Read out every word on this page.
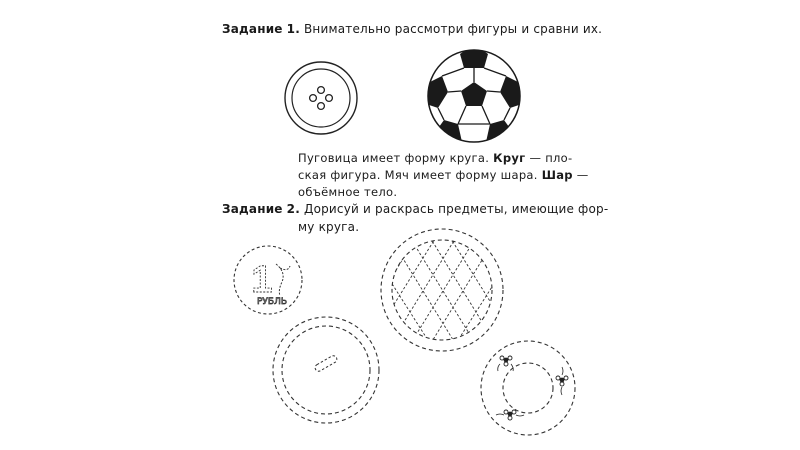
Задание 1. Внимательно рассмотри фигуры и сравни их.
Пуговица имеет форму круга. Круг — пло-
ская фигура. Мяч имеет форму шара. Шар —
объёмное тело.
Задание 2. Дорисуй и раскрась предметы, имеющие фор-
му круга.
1
РУБЛЬ
